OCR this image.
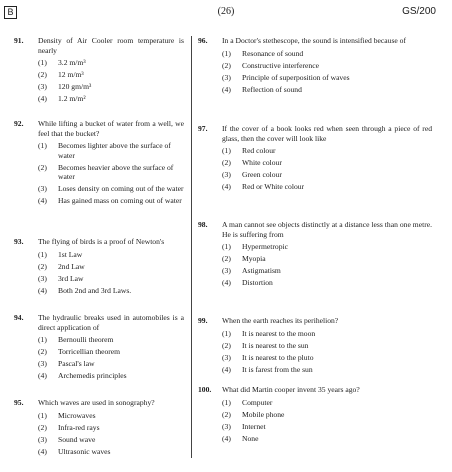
B	(26)	GS/200
91.	Density of Air Cooler room temperature is nearly
(1)	3.2 m/m³
(2)	12 m/m³
(3)	120 gm/m³
(4)	1.2 m/m²
92.	While lifting a bucket of water from a well, we feel that the bucket?
(1)	Becomes lighter above the surface of water
(2)	Becomes heavier above the surface of water
(3)	Loses density on coming out of the water
(4)	Has gained mass on coming out of water
93.	The flying of birds is a proof of Newton's
(1)	1st Law
(2)	2nd Law
(3)	3rd Law
(4)	Both 2nd and 3rd Laws.
94.	The hydraulic breaks used in automobiles is a direct application of
(1)	Bernoulli theorem
(2)	Torricellian theorem
(3)	Pascal's law
(4)	Archemedis principles
95.	Which waves are used in sonography?
(1)	Microwaves
(2)	Infra-red rays
(3)	Sound wave
(4)	Ultrasonic waves
96.	In a Doctor's stethescope, the sound is intensified because of
(1)	Resonance of sound
(2)	Constructive interference
(3)	Principle of superposition of waves
(4)	Reflection of sound
97.	If the cover of a book looks red when seen through a piece of red glass, then the cover will look like
(1)	Red colour
(2)	White colour
(3)	Green colour
(4)	Red or White colour
98.	A man cannot see objects distinctly at a distance less than one metre. He is suffering from
(1)	Hypermetropic
(2)	Myopia
(3)	Astigmatism
(4)	Distortion
99.	When the earth reaches its perihelion?
(1)	It is nearest to the moon
(2)	It is nearest to the sun
(3)	It is nearest to the pluto
(4)	It is farest from the sun
100.	What did Martin cooper invent 35 years ago?
(1)	Computer
(2)	Mobile phone
(3)	Internet
(4)	None
